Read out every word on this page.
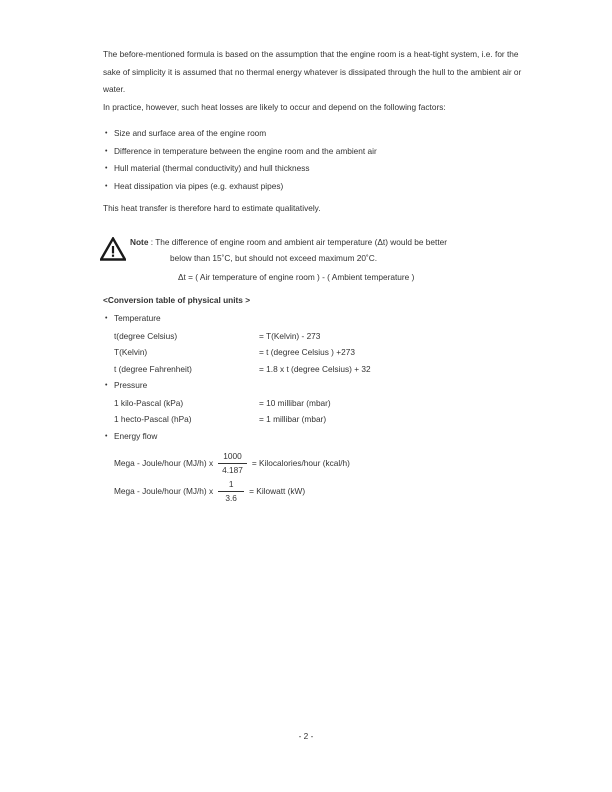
The before-mentioned formula is based on the assumption that the engine room is a heat-tight system, i.e. for the sake of simplicity it is assumed that no thermal energy whatever is dissipated through the hull to the ambient air or water.

In practice, however, such heat losses are likely to occur and depend on the following factors:

• Size and surface area of the engine room
• Difference in temperature between the engine room and the ambient air
• Hull material (thermal conductivity) and hull thickness
• Heat dissipation via pipes (e.g. exhaust pipes)
This heat transfer is therefore hard to estimate qualitatively.

Note : The difference of engine room and ambient air temperature (Δt) would be better

below than 15˚C, but should not exceed maximum 20˚C.

Δt = ( Air temperature of engine room ) - ( Ambient temperature )

<Conversion table of physical units >
• Temperature
t(degree Celsius)	= T(Kelvin) - 273
T(Kelvin)	= t (degree Celsius ) +273
t (degree Fahrenheit)	= 1.8 x t (degree Celsius) + 32
• Pressure
1 kilo-Pascal (kPa)	= 10 millibar (mbar)
1 hecto-Pascal (hPa)	= 1 millibar (mbar)
• Energy flow
Mega - Joule/hour (MJ/h) x $\frac{1000}{4.187}$ = Kilocalories/hour (kcal/h)
Mega - Joule/hour (MJ/h) x $\frac{1}{3.6}$ = Kilowatt (kW)
- 2 -
